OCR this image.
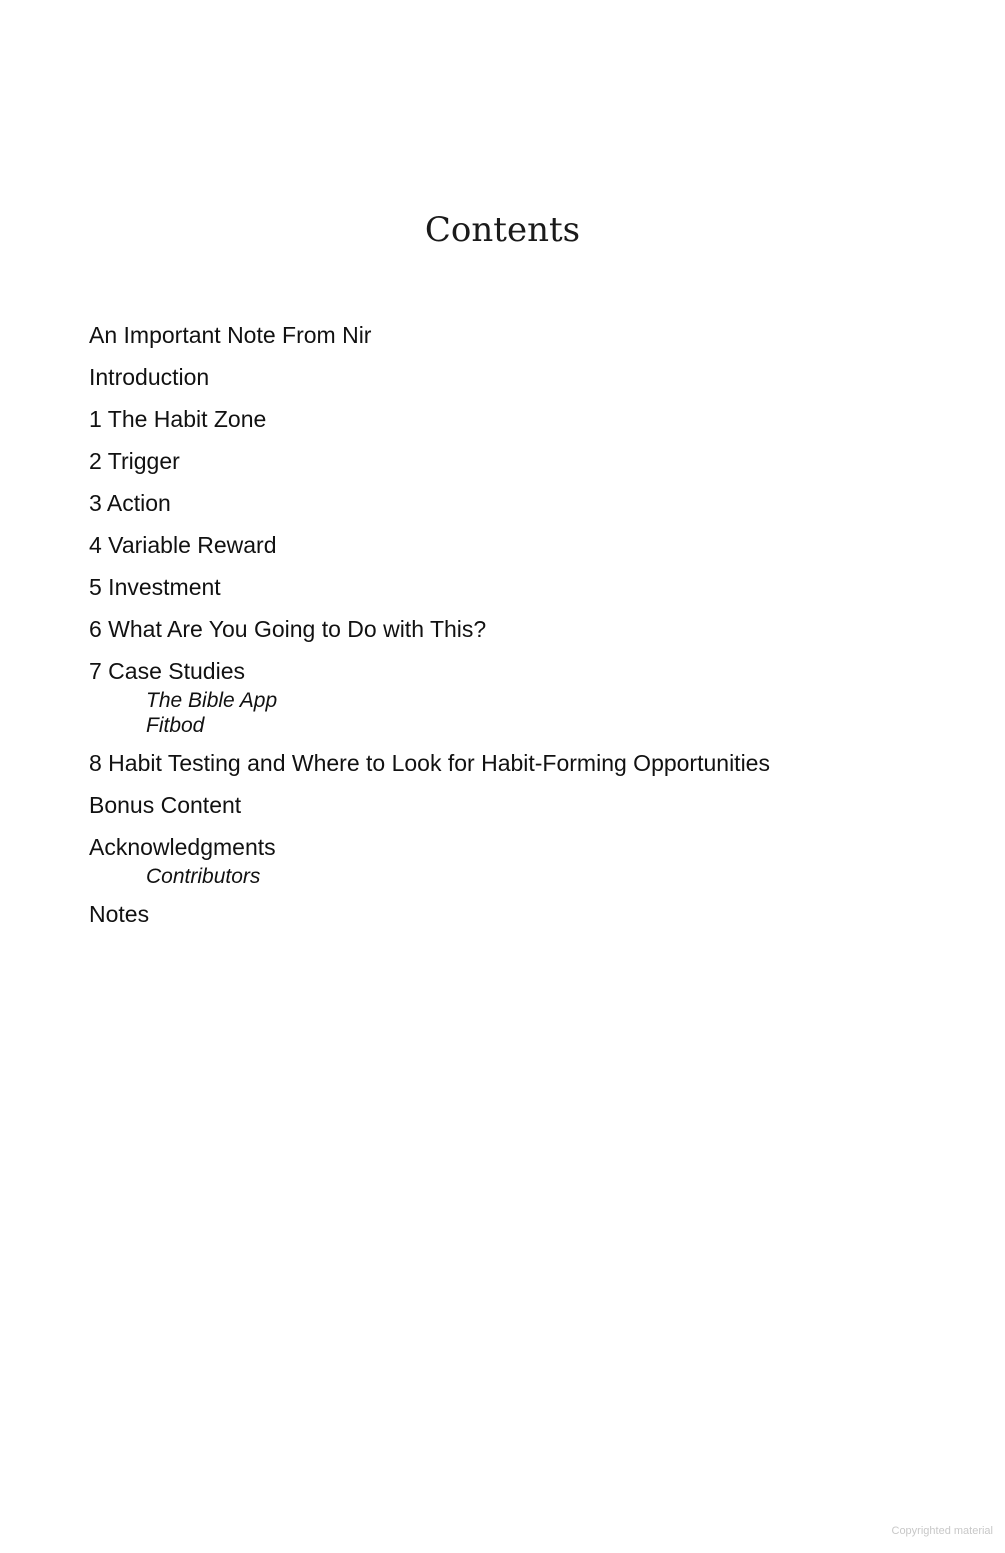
Contents
An Important Note From Nir
Introduction
1 The Habit Zone
2 Trigger
3 Action
4 Variable Reward
5 Investment
6 What Are You Going to Do with This?
7 Case Studies
The Bible App
Fitbod
8 Habit Testing and Where to Look for Habit-Forming Opportunities
Bonus Content
Acknowledgments
Contributors
Notes
Copyrighted material
